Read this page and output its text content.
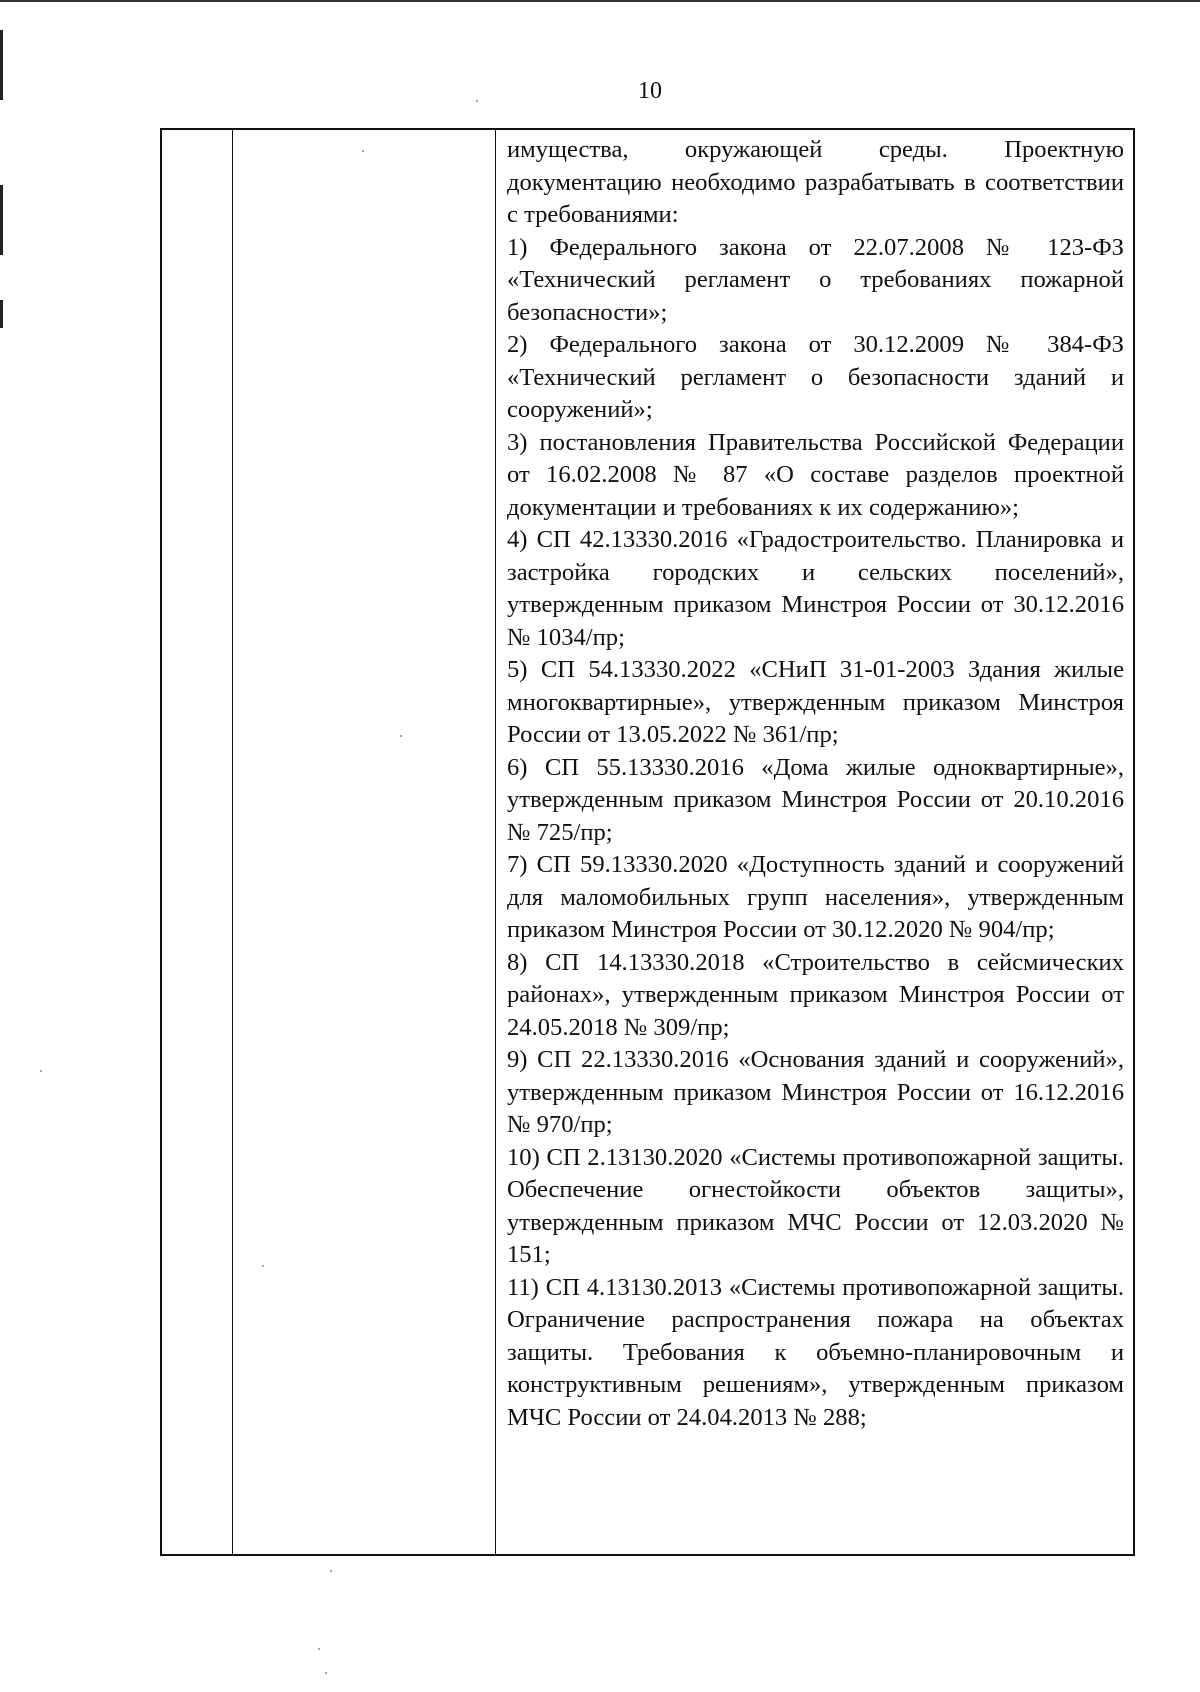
10

имущества, окружающей среды. Проектную документацию необходимо разрабатывать в соответствии с требованиями:

1) Федерального закона от 22.07.2008 № 123-ФЗ «Технический регламент о требованиях пожарной безопасности»;

2) Федерального закона от 30.12.2009 № 384-ФЗ «Технический регламент о безопасности зданий и сооружений»;

3) постановления Правительства Российской Федерации от 16.02.2008 № 87 «О составе разделов проектной документации и требованиях к их содержанию»;

4) СП 42.13330.2016 «Градостроительство. Планировка и застройка городских и сельских поселений», утвержденным приказом Минстроя России от 30.12.2016 № 1034/пр;

5) СП 54.13330.2022 «СНиП 31-01-2003 Здания жилые многоквартирные», утвержденным приказом Минстроя России от 13.05.2022 № 361/пр;

6) СП 55.13330.2016 «Дома жилые одноквартирные», утвержденным приказом Минстроя России от 20.10.2016 № 725/пр;

7) СП 59.13330.2020 «Доступность зданий и сооружений для маломобильных групп населения», утвержденным приказом Минстроя России от 30.12.2020 № 904/пр;

8) СП 14.13330.2018 «Строительство в сейсмических районах», утвержденным приказом Минстроя России от 24.05.2018 № 309/пр;

9) СП 22.13330.2016 «Основания зданий и сооружений», утвержденным приказом Минстроя России от 16.12.2016 № 970/пр;

10) СП 2.13130.2020 «Системы противопожарной защиты. Обеспечение огнестойкости объектов защиты», утвержденным приказом МЧС России от 12.03.2020 № 151;

11) СП 4.13130.2013 «Системы противопожарной защиты. Ограничение распространения пожара на объектах защиты. Требования к объемно-планировочным и конструктивным решениям», утвержденным приказом МЧС России от 24.04.2013 № 288;
